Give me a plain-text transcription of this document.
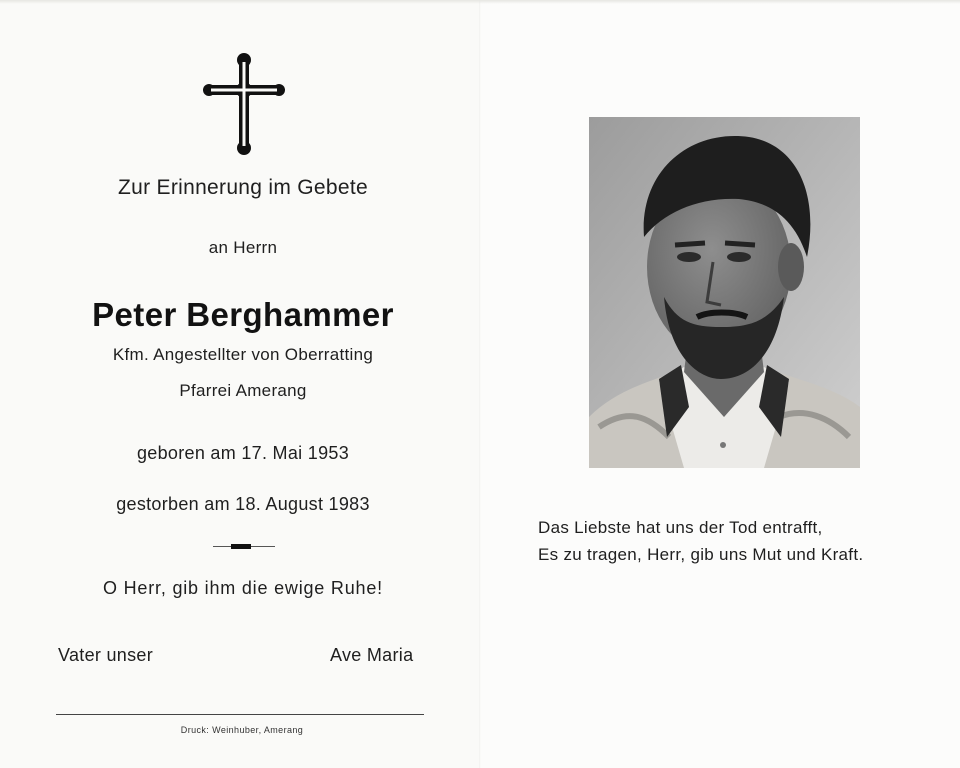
Zur Erinnerung im Gebete
an Herrn
Peter Berghammer
Kfm. Angestellter von Oberratting
Pfarrei Amerang
geboren am 17. Mai 1953
gestorben am 18. August 1983
O Herr, gib ihm die ewige Ruhe!
Vater unser	Ave Maria
Druck: Weinhuber, Amerang
Das Liebste hat uns der Tod entrafft,
Es zu tragen, Herr, gib uns Mut und Kraft.
